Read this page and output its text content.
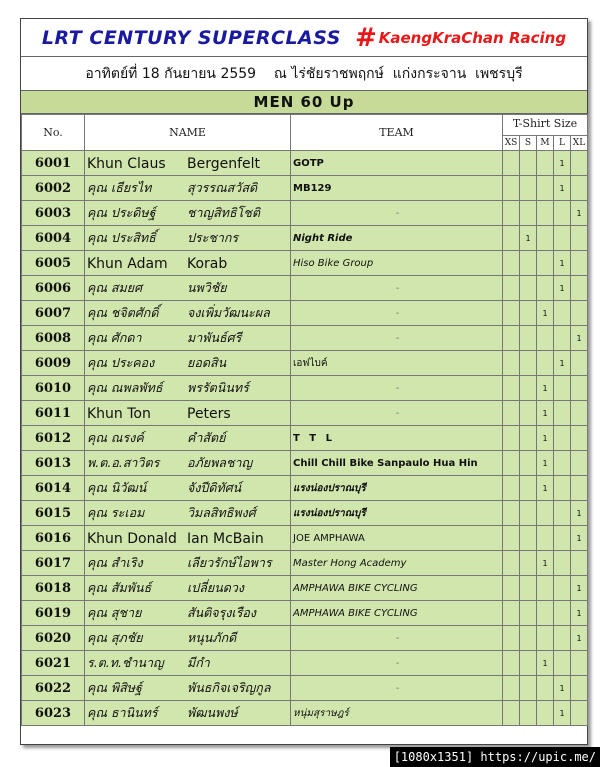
LRT CENTURY SUPERCLASS # KaengKraChan Racing
อาทิตย์ที่ 18 กันยายน 2559    ณ ไร่ชัยราชพฤกษ์  แก่งกระจาน  เพชรบุรี
MEN 60 Up
No.	NAME	TEAM	T-Shirt Size				
			XS	S	M	L	XL
6001	Khun Claus Bergenfelt	GOTP				1	
6002	คุณ เธียรไท สุวรรณสวัสดิ	MB129				1	
6003	คุณ ประดิษฐ์ ชาญสิทธิโชติ	-					1
6004	คุณ ประสิทธิ์ ประชากร	Night Ride		1			
6005	Khun Adam Korab	Hiso Bike Group				1	
6006	คุณ สมยศ นพวิชัย	-				1	
6007	คุณ ชจิตศักดิ์ จงเพิ่มวัฒนะผล	-			1		
6008	คุณ ศักดา มาพันธ์ศรี	-					1
6009	คุณ ประคอง ยอดสิน	เอฟไบค์				1	
6010	คุณ ณพลพัทธ์ พรรัตนินทร์	-			1		
6011	Khun Ton Peters	-			1		
6012	คุณ ณรงค์ คำสัตย์	T T L			1		
6013	พ.ต.อ.สาวิตร อภัยพลชาญ	Chill Chill Bike Sanpaulo Hua Hin			1		
6014	คุณ นิวัฒน์ จังปีดิทัศน์	แรงน่องปราณบุรี			1		
6015	คุณ ระเอม วิมลสิทธิพงศ์	แรงน่องปราณบุรี					1
6016	Khun Donald Ian McBain	JOE AMPHAWA					1
6017	คุณ สำเริง เลียวรักษ์ไอพาร	Master Hong Academy			1		
6018	คุณ สัมพันธ์ เปลี่ยนดวง	AMPHAWA BIKE CYCLING					1
6019	คุณ สุชาย สันติจรุงเรือง	AMPHAWA BIKE CYCLING					1
6020	คุณ สุภชัย หนุนภักดี	-					1
6021	ร.ต.ท.ชำนาญ มีกำ	-			1		
6022	คุณ พิสิษฐ์ พันธกิจเจริญกูล	-				1	
6023	คุณ ธานินทร์ พัฒนพงษ์	หนุ่มสุราษฎร์				1	
[1080x1351] https://upic.me/
